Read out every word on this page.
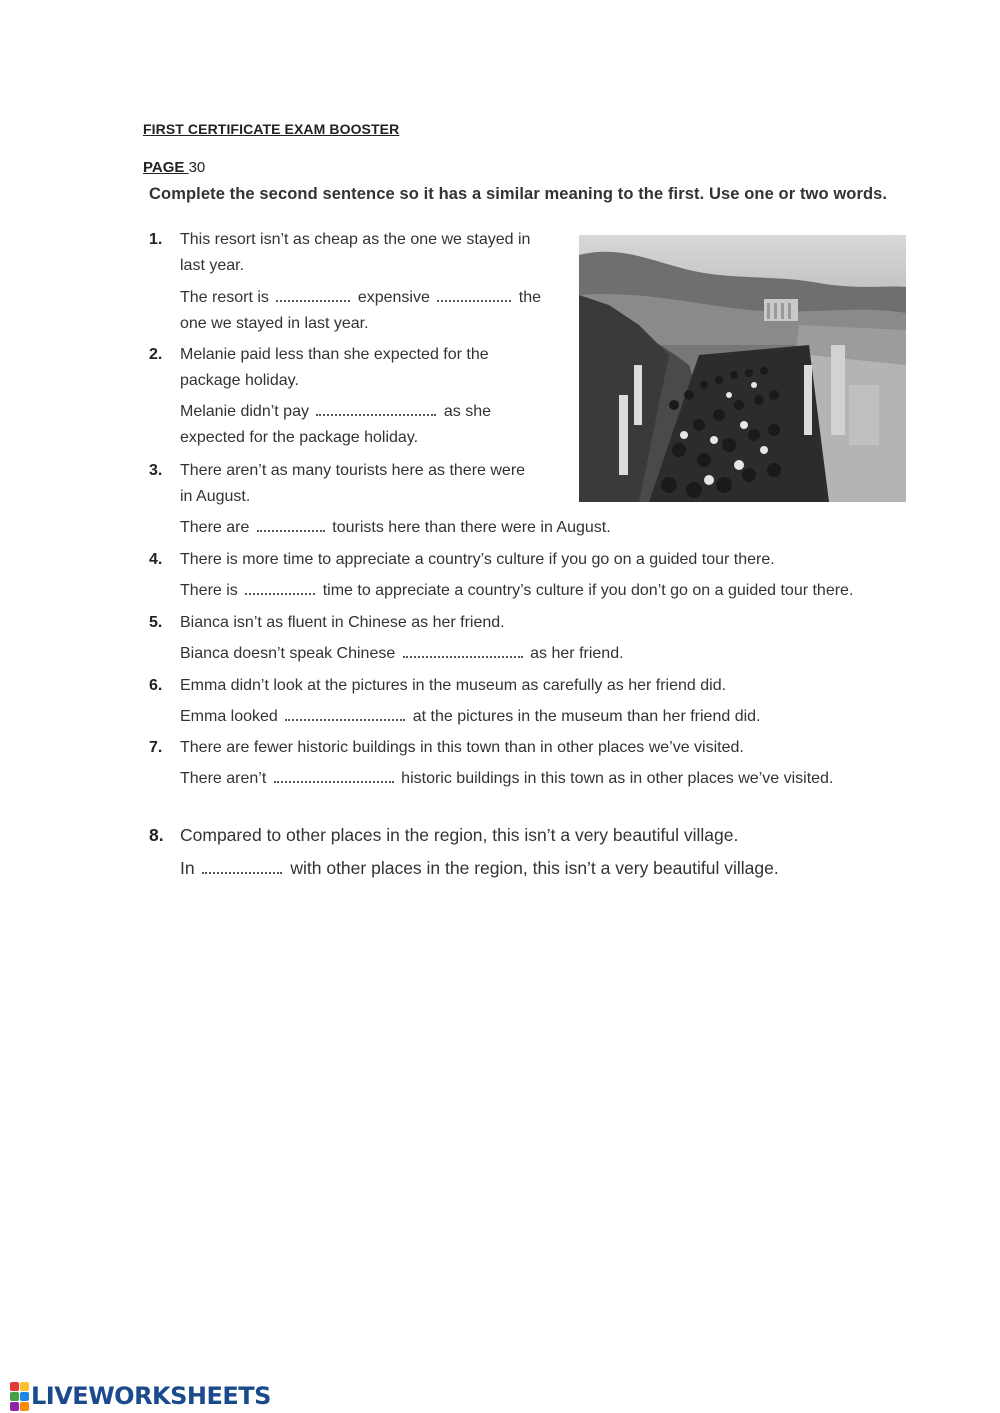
FIRST CERTIFICATE EXAM BOOSTER
PAGE 30
Complete the second sentence so it has a similar meaning to the first. Use one or two words.
1. This resort isn’t as cheap as the one we stayed in
last year.
The resort is	expensive	the
one we stayed in last year.
2. Melanie paid less than she expected for the
package holiday.
Melanie didn’t pay	as she
expected for the package holiday.
3. There aren’t as many tourists here as there were
in August.
There are	tourists here than there were in August.
4. There is more time to appreciate a country’s culture if you go on a guided tour there.
There is	time to appreciate a country’s culture if you don’t go on a guided tour there.
5. Bianca isn’t as fluent in Chinese as her friend.
Bianca doesn’t speak Chinese	as her friend.
6. Emma didn’t look at the pictures in the museum as carefully as her friend did.
Emma looked	at the pictures in the museum than her friend did.
7. There are fewer historic buildings in this town than in other places we’ve visited.
There aren’t	historic buildings in this town as in other places we’ve visited.
8. Compared to other places in the region, this isn’t a very beautiful village.
In	with other places in the region, this isn’t a very beautiful village.
LIVEWORKSHEETS
